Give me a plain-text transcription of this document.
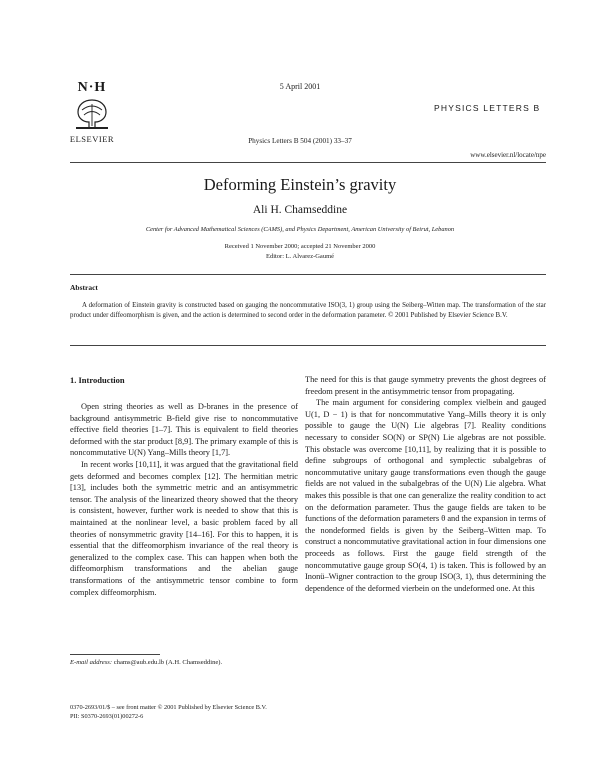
N·H
ELSEVIER
5 April 2001
PHYSICS LETTERS B
Physics Letters B 504 (2001) 33–37
www.elsevier.nl/locate/npe
Deforming Einstein’s gravity
Ali H. Chamseddine
Center for Advanced Mathematical Sciences (CAMS), and Physics Department, American University of Beirut, Lebanon
Received 1 November 2000; accepted 21 November 2000
Editor: L. Alvarez-Gaumé
Abstract
A deformation of Einstein gravity is constructed based on gauging the noncommutative ISO(3, 1) group using the Seiberg–Witten map. The transformation of the star product under diffeomorphism is given, and the action is determined to second order in the deformation parameter. © 2001 Published by Elsevier Science B.V.
1. Introduction

Open string theories as well as D-branes in the presence of background antisymmetric B-field give rise to noncommutative effective field theories [1–7]. This is equivalent to field theories deformed with the star product [8,9]. The primary example of this is noncommutative U(N) Yang–Mills theory [1,7].

In recent works [10,11], it was argued that the gravitational field gets deformed and becomes complex [12]. The hermitian metric [13], includes both the symmetric metric and an antisymmetric tensor. The analysis of the linearized theory showed that the theory is consistent, however, further work is needed to show that this is maintained at the nonlinear level, a basic problem faced by all theories of nonsymmetric gravity [14–16]. For this to happen, it is essential that the diffeomorphism invariance of the real theory is generalized to the complex case. This can happen when both the diffeomorphism transformations and the abelian gauge transformations of the antisymmetric tensor combine to form complex diffeomorphism.

The need for this is that gauge symmetry prevents the ghost degrees of freedom present in the antisymmetric tensor from propagating.

The main argument for considering complex vielbein and gauged U(1, D − 1) is that for noncommutative Yang–Mills theory it is only possible to gauge the U(N) Lie algebras [7]. Reality conditions necessary to consider SO(N) or SP(N) Lie algebras are not possible. This obstacle was overcome [10,11], by realizing that it is possible to define subgroups of orthogonal and symplectic subalgebras of noncommutative unitary gauge transformations even though the gauge fields are not valued in the subalgebras of the U(N) Lie algebra. What makes this possible is that one can generalize the reality condition to act on the deformation parameter. Thus the gauge fields are taken to be functions of the deformation parameters θ and the expansion in terms of the nondeformed fields is given by the Seiberg–Witten map. To construct a noncommutative gravitational action in four dimensions one proceeds as follows. First the gauge field strength of the noncommutative gauge group SO(4, 1) is taken. This is followed by an Inonü–Wigner contraction to the group ISO(3, 1), thus determining the dependence of the deformed vierbein on the undeformed one. At this

E-mail address: chams@aub.edu.lb (A.H. Chamseddine).
0370-2693/01/$ – see front matter © 2001 Published by Elsevier Science B.V.
PII: S0370-2693(01)00272-6
